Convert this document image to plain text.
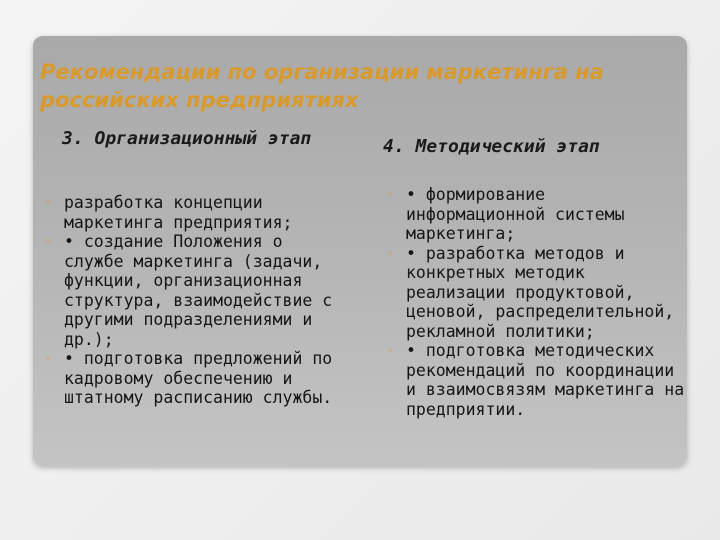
Рекомендации по организации маркетинга на российских предприятиях
3. Организационный этап	4. Методический этап
◦ разработка концепции маркетинга предприятия;
◦ • создание Положения о службе маркетинга (задачи, функции, организационная структура, взаимодействие с другими подразделениями и др.);
◦ • подготовка предложений по кадровому обеспечению и штатному расписанию службы.
◦ • формирование информационной системы маркетинга;
◦ • разработка методов и конкретных методик реализации продуктовой, ценовой, распределительной, рекламной политики;
◦ • подготовка методических рекомендаций по координации и взаимосвязям маркетинга на предприятии.
